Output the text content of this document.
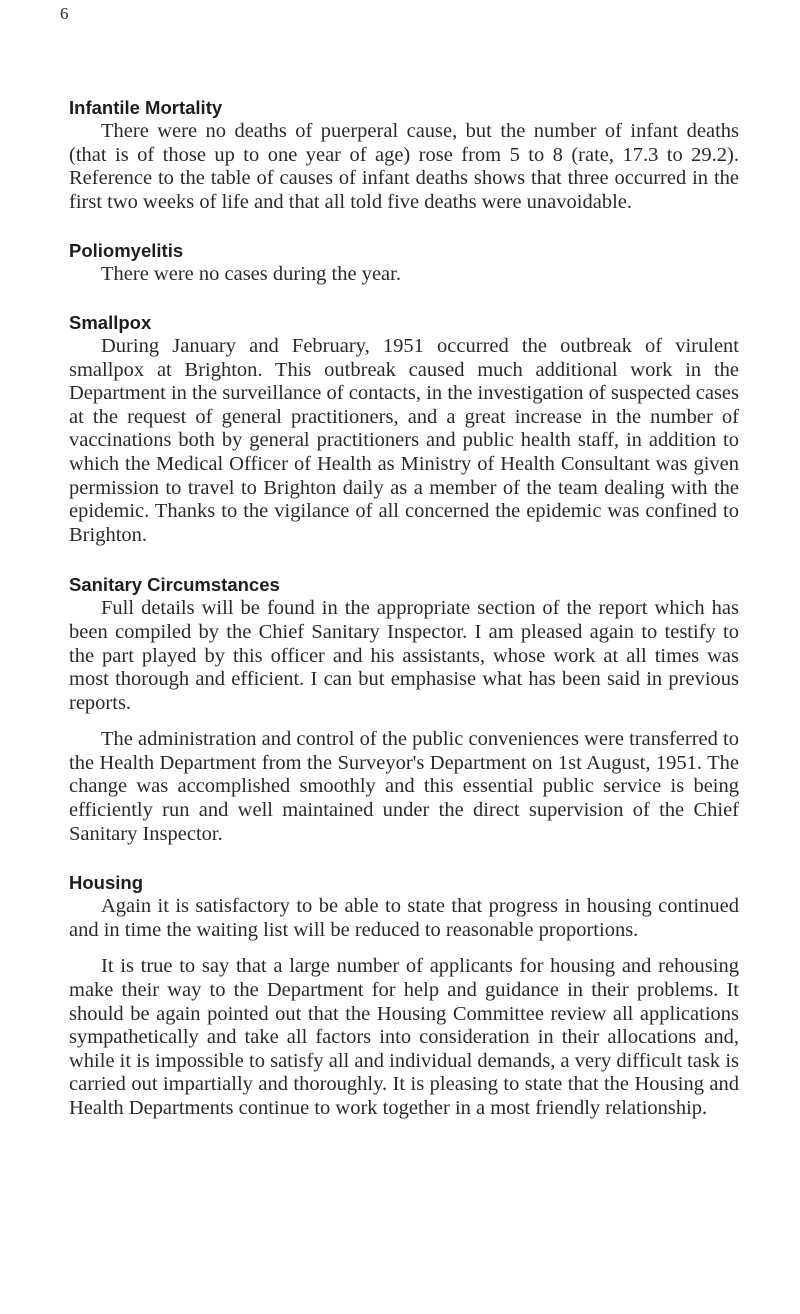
6
Infantile Mortality

There were no deaths of puerperal cause, but the number of infant deaths (that is of those up to one year of age) rose from 5 to 8 (rate, 17.3 to 29.2). Reference to the table of causes of infant deaths shows that three occurred in the first two weeks of life and that all told five deaths were unavoidable.

Poliomyelitis

There were no cases during the year.

Smallpox

During January and February, 1951 occurred the outbreak of virulent smallpox at Brighton. This outbreak caused much additional work in the Department in the surveillance of contacts, in the investigation of suspected cases at the request of general practitioners, and a great increase in the number of vaccinations both by general practitioners and public health staff, in addition to which the Medical Officer of Health as Ministry of Health Consultant was given permission to travel to Brighton daily as a member of the team dealing with the epidemic. Thanks to the vigilance of all concerned the epidemic was confined to Brighton.

Sanitary Circumstances

Full details will be found in the appropriate section of the report which has been compiled by the Chief Sanitary Inspector. I am pleased again to testify to the part played by this officer and his assistants, whose work at all times was most thorough and efficient. I can but emphasise what has been said in previous reports.

The administration and control of the public conveniences were transferred to the Health Department from the Surveyor's Department on 1st August, 1951. The change was accomplished smoothly and this essential public service is being efficiently run and well maintained under the direct supervision of the Chief Sanitary Inspector.

Housing

Again it is satisfactory to be able to state that progress in housing continued and in time the waiting list will be reduced to reasonable proportions.

It is true to say that a large number of applicants for housing and rehousing make their way to the Department for help and guidance in their problems. It should be again pointed out that the Housing Committee review all applications sympathetically and take all factors into consideration in their allocations and, while it is impossible to satisfy all and individual demands, a very difficult task is carried out impartially and thoroughly. It is pleasing to state that the Housing and Health Departments continue to work together in a most friendly relationship.
